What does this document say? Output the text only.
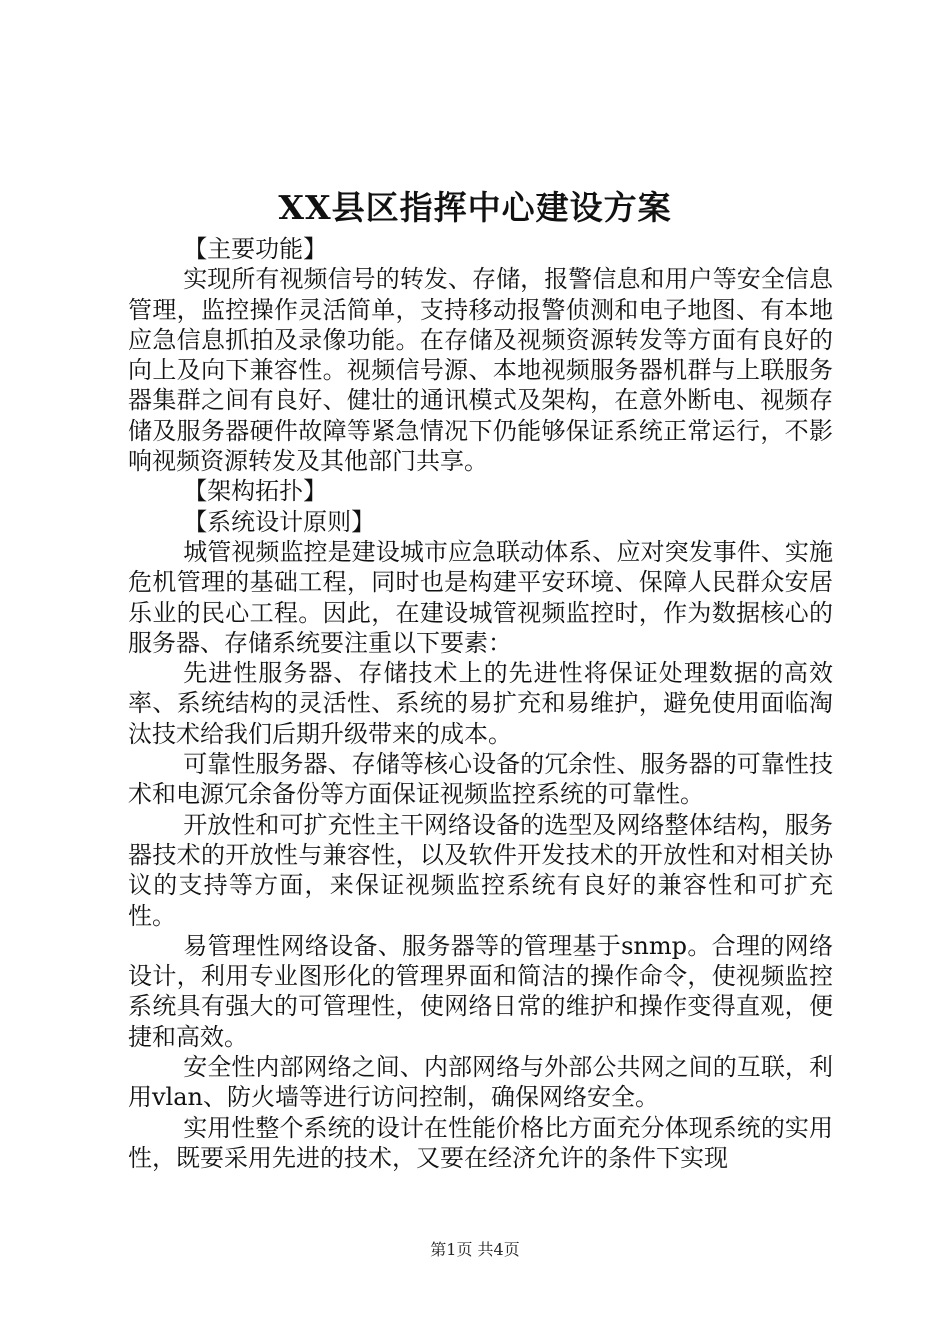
XX县区指挥中心建设方案

【主要功能】

实现所有视频信号的转发、存储，报警信息和用户等安全信息管理，监控操作灵活简单，支持移动报警侦测和电子地图、有本地应急信息抓拍及录像功能。在存储及视频资源转发等方面有良好的向上及向下兼容性。视频信号源、本地视频服务器机群与上联服务器集群之间有良好、健壮的通讯模式及架构，在意外断电、视频存储及服务器硬件故障等紧急情况下仍能够保证系统正常运行，不影响视频资源转发及其他部门共享。

【架构拓扑】

【系统设计原则】

城管视频监控是建设城市应急联动体系、应对突发事件、实施危机管理的基础工程，同时也是构建平安环境、保障人民群众安居乐业的民心工程。因此，在建设城管视频监控时，作为数据核心的服务器、存储系统要注重以下要素：

先进性服务器、存储技术上的先进性将保证处理数据的高效率、系统结构的灵活性、系统的易扩充和易维护，避免使用面临淘汰技术给我们后期升级带来的成本。

可靠性服务器、存储等核心设备的冗余性、服务器的可靠性技术和电源冗余备份等方面保证视频监控系统的可靠性。

开放性和可扩充性主干网络设备的选型及网络整体结构，服务器技术的开放性与兼容性，以及软件开发技术的开放性和对相关协议的支持等方面，来保证视频监控系统有良好的兼容性和可扩充性。

易管理性网络设备、服务器等的管理基于snmp。合理的网络设计，利用专业图形化的管理界面和简洁的操作命令，使视频监控系统具有强大的可管理性，使网络日常的维护和操作变得直观，便捷和高效。

安全性内部网络之间、内部网络与外部公共网之间的互联，利用vlan、防火墙等进行访问控制，确保网络安全。

实用性整个系统的设计在性能价格比方面充分体现系统的实用性，既要采用先进的技术，又要在经济允许的条件下实现

第1页 共4页
